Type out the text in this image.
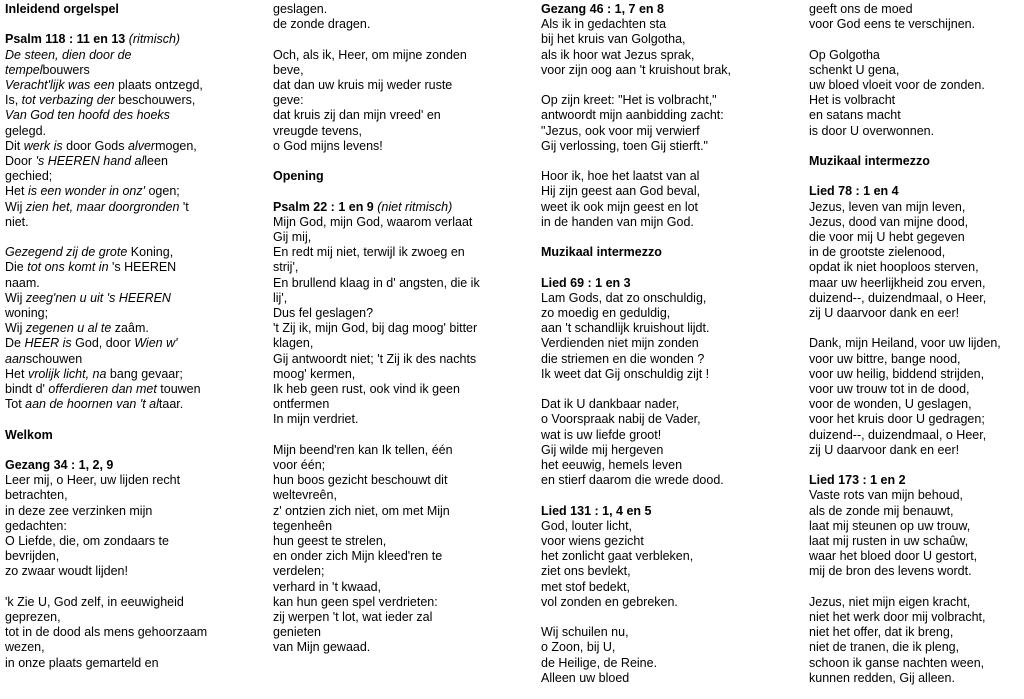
Inleidend orgelspel
Psalm 118 : 11 en 13 (ritmisch)
De steen, dien door de
tempelbouwers
Veracht'lijk was een plaats ontzegd,
Is, tot verbazing der beschouwers,
Van God ten hoofd des hoeks
gelegd.
Dit werk is door Gods alvermogen,
Door 's HEEREN hand alleen
gechied;
Het is een wonder in onz' ogen;
Wij zien het, maar doorgronden 't
niet.
Gezegend zij de grote Koning,
Die tot ons komt in 's HEEREN
naam.
Wij zeeg'nen u uit 's HEEREN
woning;
Wij zegenen u al te zaâm.
De HEER is God, door Wien w'
aanschouwen
Het vrolijk licht, na bang gevaar;
bindt d' offerdieren dan met touwen
Tot aan de hoornen van 't altaar.
Welkom
Gezang 34 : 1, 2, 9
Leer mij, o Heer, uw lijden recht
betrachten,
in deze zee verzinken mijn
gedachten:
O Liefde, die, om zondaars te
bevrijden,
zo zwaar woudt lijden!
'k Zie U, God zelf, in eeuwigheid
geprezen,
tot in de dood als mens gehoorzaam
wezen,
in onze plaats gemarteld en
geslagen.
de zonde dragen.
Och, als ik, Heer, om mijne zonden
beve,
dat dan uw kruis mij weder ruste
geve:
dat kruis zij dan mijn vreed' en
vreugde tevens,
o God mijns levens!
Opening
Psalm 22 : 1 en 9 (niet ritmisch)
Mijn God, mijn God, waarom verlaat
Gij mij,
En redt mij niet, terwijl ik zwoeg en
strij',
En brullend klaag in d' angsten, die ik
lij',
Dus fel geslagen?
't Zij ik, mijn God, bij dag moog' bitter
klagen,
Gij antwoordt niet; 't Zij ik des nachts
moog' kermen,
Ik heb geen rust, ook vind ik geen
ontfermen
In mijn verdriet.
Mijn beend'ren kan Ik tellen, één
voor één;
hun boos gezicht beschouwt dit
weltevreên,
z' ontzien zich niet, om met Mijn
tegenheên
hun geest te strelen,
en onder zich Mijn kleed'ren te
verdelen;
verhard in 't kwaad,
kan hun geen spel verdrieten:
zij werpen 't lot, wat ieder zal
genieten
van Mijn gewaad.
Gezang 46 : 1, 7 en 8
Als ik in gedachten sta
bij het kruis van Golgotha,
als ik hoor wat Jezus sprak,
voor zijn oog aan 't kruishout brak,
Op zijn kreet: "Het is volbracht,"
antwoordt mijn aanbidding zacht:
"Jezus, ook voor mij verwierf
Gij verlossing, toen Gij stierft."
Hoor ik, hoe het laatst van al
Hij zijn geest aan God beval,
weet ik ook mijn geest en lot
in de handen van mijn God.
Muzikaal intermezzo
Lied 69 : 1 en 3
Lam Gods, dat zo onschuldig,
zo moedig en geduldig,
aan 't schandlijk kruishout lijdt.
Verdienden niet mijn zonden
die striemen en die wonden ?
Ik weet dat Gij onschuldig zijt !
Dat ik U dankbaar nader,
o Voorspraak nabij de Vader,
wat is uw liefde groot!
Gij wilde mij hergeven
het eeuwig, hemels leven
en stierf daarom die wrede dood.
Lied 131 : 1, 4 en 5
God, louter licht,
voor wiens gezicht
het zonlicht gaat verbleken,
ziet ons bevlekt,
met stof bedekt,
vol zonden en gebreken.
Wij schuilen nu,
o Zoon, bij U,
de Heilige, de Reine.
Alleen uw bloed
geeft ons de moed
voor God eens te verschijnen.
Op Golgotha
schenkt U gena,
uw bloed vloeit voor de zonden.
Het is volbracht
en satans macht
is door U overwonnen.
Muzikaal intermezzo
Lied 78 : 1 en 4
Jezus, leven van mijn leven,
Jezus, dood van mijne dood,
die voor mij U hebt gegeven
in de grootste zielenood,
opdat ik niet hooploos sterven,
maar uw heerlijkheid zou erven,
duizend--, duizendmaal, o Heer,
zij U daarvoor dank en eer!
Dank, mijn Heiland, voor uw lijden,
voor uw bittre, bange nood,
voor uw heilig, biddend strijden,
voor uw trouw tot in de dood,
voor de wonden, U geslagen,
voor het kruis door U gedragen;
duizend--, duizendmaal, o Heer,
zij U daarvoor dank en eer!
Lied 173 : 1 en 2
Vaste rots van mijn behoud,
als de zonde mij benauwt,
laat mij steunen op uw trouw,
laat mij rusten in uw schaûw,
waar het bloed door U gestort,
mij de bron des levens wordt.
Jezus, niet mijn eigen kracht,
niet het werk door mij volbracht,
niet het offer, dat ik breng,
niet de tranen, die ik pleng,
schoon ik ganse nachten ween,
kunnen redden, Gij alleen.
